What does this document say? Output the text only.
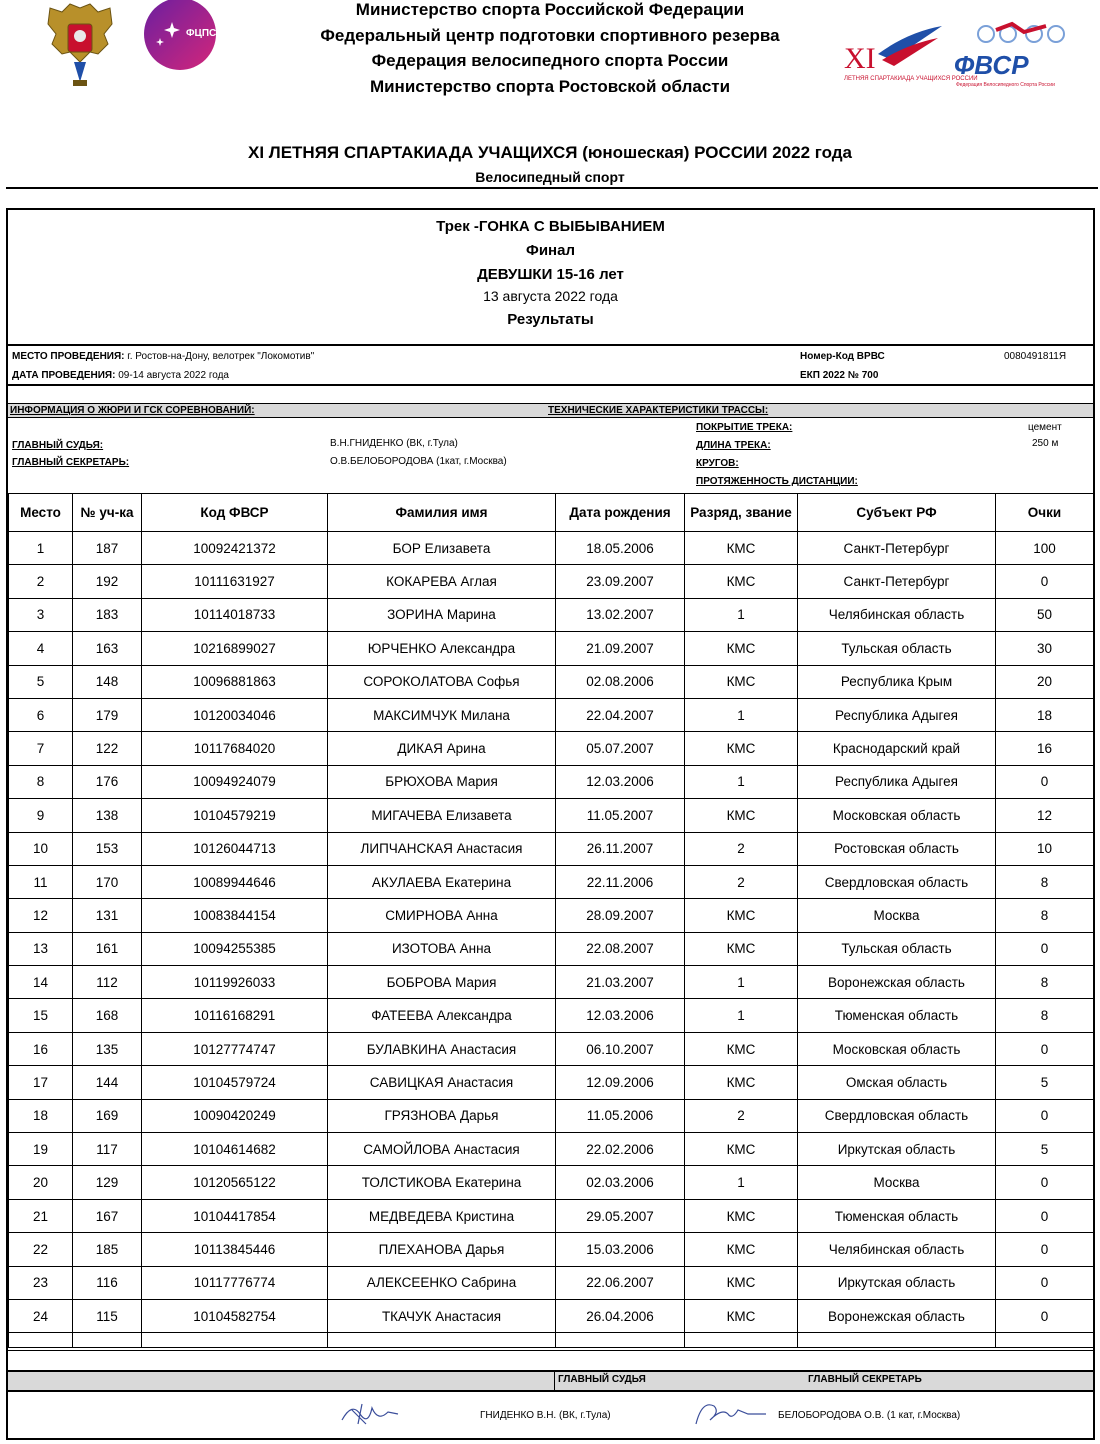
ФЦПСР
Министерство спорта Российской Федерации
Федеральный центр подготовки спортивного резерва
Федерация велосипедного спорта России
Министерство спорта Ростовской области
XI
ЛЕТНЯЯ СПАРТАКИАДА УЧАЩИХСЯ РОССИИ
ФВСР
Федерация Велосипедного Спорта России
XI ЛЕТНЯЯ СПАРТАКИАДА УЧАЩИХСЯ (юношеская) РОССИИ 2022 года
Велосипедный спорт
Трек -ГОНКА С ВЫБЫВАНИЕМ
Финал
ДЕВУШКИ 15-16 лет
13 августа 2022 года
Результаты
МЕСТО ПРОВЕДЕНИЯ: г. Ростов-на-Дону, велотрек "Локомотив"
ДАТА ПРОВЕДЕНИЯ: 09-14 августа 2022 года
Номер-Код ВРВС	0080491811Я
ЕКП 2022 № 700
ИНФОРМАЦИЯ О ЖЮРИ И ГСК СОРЕВНОВАНИЙ:	ТЕХНИЧЕСКИЕ ХАРАКТЕРИСТИКИ ТРАССЫ:
ПОКРЫТИЕ ТРЕКА:	цемент
ГЛАВНЫЙ СУДЬЯ:	В.Н.ГНИДЕНКО (ВК, г.Тула)	ДЛИНА ТРЕКА:	250 м
ГЛАВНЫЙ СЕКРЕТАРЬ:	О.В.БЕЛОБОРОДОВА (1кат, г.Москва)	КРУГОВ:
ПРОТЯЖЕННОСТЬ ДИСТАНЦИИ:
Место	№ уч-ка	Код ФВСР	Фамилия имя	Дата рождения	Разряд, звание	Субъект РФ	Очки
1	187	10092421372	БОР Елизавета	18.05.2006	КМС	Санкт-Петербург	100
2	192	10111631927	КОКАРЕВА Аглая	23.09.2007	КМС	Санкт-Петербург	0
3	183	10114018733	ЗОРИНА Марина	13.02.2007	1	Челябинская область	50
4	163	10216899027	ЮРЧЕНКО Александра	21.09.2007	КМС	Тульская область	30
5	148	10096881863	СОРОКОЛАТОВА Софья	02.08.2006	КМС	Республика Крым	20
6	179	10120034046	МАКСИМЧУК Милана	22.04.2007	1	Республика Адыгея	18
7	122	10117684020	ДИКАЯ Арина	05.07.2007	КМС	Краснодарский край	16
8	176	10094924079	БРЮХОВА Мария	12.03.2006	1	Республика Адыгея	0
9	138	10104579219	МИГАЧЕВА Елизавета	11.05.2007	КМС	Московская область	12
10	153	10126044713	ЛИПЧАНСКАЯ Анастасия	26.11.2007	2	Ростовская область	10
11	170	10089944646	АКУЛАЕВА Екатерина	22.11.2006	2	Свердловская область	8
12	131	10083844154	СМИРНОВА Анна	28.09.2007	КМС	Москва	8
13	161	10094255385	ИЗОТОВА Анна	22.08.2007	КМС	Тульская область	0
14	112	10119926033	БОБРОВА Мария	21.03.2007	1	Воронежская область	8
15	168	10116168291	ФАТЕЕВА Александра	12.03.2006	1	Тюменская область	8
16	135	10127774747	БУЛАВКИНА Анастасия	06.10.2007	КМС	Московская область	0
17	144	10104579724	САВИЦКАЯ Анастасия	12.09.2006	КМС	Омская область	5
18	169	10090420249	ГРЯЗНОВА Дарья	11.05.2006	2	Свердловская область	0
19	117	10104614682	САМОЙЛОВА Анастасия	22.02.2006	КМС	Иркутская область	5
20	129	10120565122	ТОЛСТИКОВА Екатерина	02.03.2006	1	Москва	0
21	167	10104417854	МЕДВЕДЕВА Кристина	29.05.2007	КМС	Тюменская область	0
22	185	10113845446	ПЛЕХАНОВА Дарья	15.03.2006	КМС	Челябинская область	0
23	116	10117776774	АЛЕКСЕЕНКО Сабрина	22.06.2007	КМС	Иркутская область	0
24	115	10104582754	ТКАЧУК Анастасия	26.04.2006	КМС	Воронежская область	0

ГЛАВНЫЙ СУДЬЯ	ГЛАВНЫЙ СЕКРЕТАРЬ
ГНИДЕНКО В.Н. (ВК, г.Тула)	БЕЛОБОРОДОВА О.В. (1 кат, г.Москва)
